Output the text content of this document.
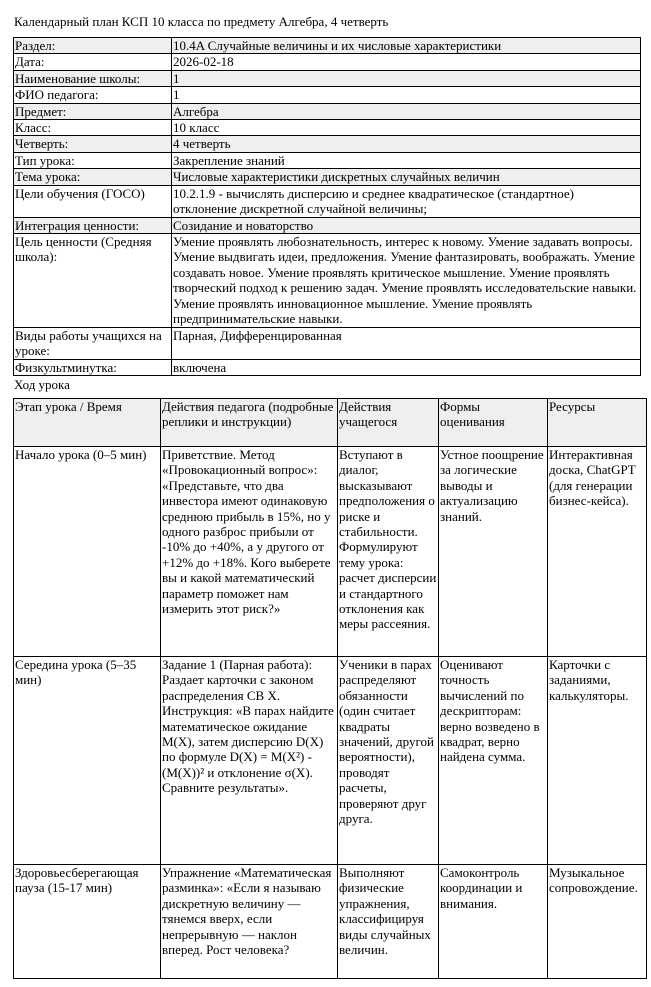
Календарный план КСП 10 класса по предмету Алгебра, 4 четверть
Раздел:	10.4A Случайные величины и их числовые характеристики
Дата:	2026-02-18
Наименование школы:	1
ФИО педагога:	1
Предмет:	Алгебра
Класс:	10 класс
Четверть:	4 четверть
Тип урока:	Закрепление знаний
Тема урока:	Числовые характеристики дискретных случайных величин
Цели обучения (ГОСО)	10.2.1.9 - вычислять дисперсию и среднее квадратическое (стандартное) отклонение дискретной случайной величины;
Интеграция ценности:	Созидание и новаторство
Цель ценности (Средняя школа):	Умение проявлять любознательность, интерес к новому. Умение задавать вопросы. Умение выдвигать идеи, предложения. Умение фантазировать, воображать. Умение создавать новое. Умение проявлять критическое мышление. Умение проявлять творческий подход к решению задач. Умение проявлять исследовательские навыки. Умение проявлять инновационное мышление. Умение проявлять предпринимательские навыки.
Виды работы учащихся на уроке:	Парная, Дифференцированная
Физкультминутка:	включена
Ход урока
Этап урока / Время	Действия педагога (подробные реплики и инструкции)	Действия учащегося	Формы оценивания	Ресурсы
Начало урока (0–5 мин)	Приветствие. Метод «Провокационный вопрос»: «Представьте, что два инвестора имеют одинаковую среднюю прибыль в 15%, но у одного разброс прибыли от -10% до +40%, а у другого от +12% до +18%. Кого выберете вы и какой математический параметр поможет нам измерить этот риск?»	Вступают в диалог, высказывают предположения о риске и стабильности. Формулируют тему урока: расчет дисперсии и стандартного отклонения как меры рассеяния.	Устное поощрение за логические выводы и актуализацию знаний.	Интерактивная доска, ChatGPT (для генерации бизнес-кейса).
Середина урока (5–35 мин)	Задание 1 (Парная работа): Раздает карточки с законом распределения СВ X. Инструкция: «В парах найдите математическое ожидание M(X), затем дисперсию D(X) по формуле D(X) = M(X²) - (M(X))² и отклонение σ(X). Сравните результаты».	Ученики в парах распределяют обязанности (один считает квадраты значений, другой вероятности), проводят расчеты, проверяют друг друга.	Оценивают точность вычислений по дескрипторам: верно возведено в квадрат, верно найдена сумма.	Карточки с заданиями, калькуляторы.
Здоровьесберегающая пауза (15-17 мин)	Упражнение «Математическая разминка»: «Если я называю дискретную величину — тянемся вверх, если непрерывную — наклон вперед. Рост человека?	Выполняют физические упражнения, классифицируя виды случайных величин.	Самоконтроль координации и внимания.	Музыкальное сопровождение.
